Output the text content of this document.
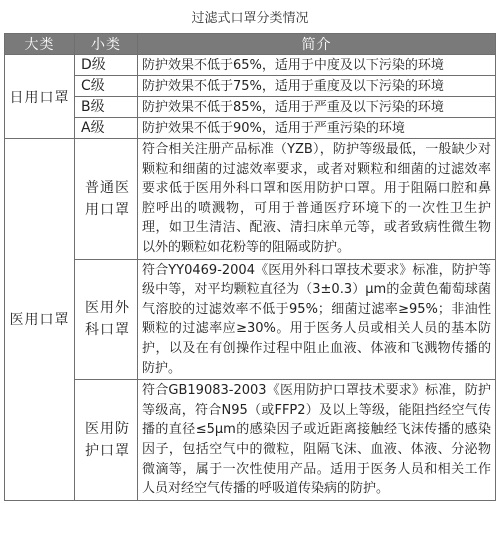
过滤式口罩分类情况
大类	小类	简介
日用口罩	D级	防护效果不低于65%，适用于中度及以下污染的环境
	C级	防护效果不低于75%，适用于重度及以下污染的环境
	B级	防护效果不低于85%，适用于严重及以下污染的环境
	A级	防护效果不低于90%，适用于严重污染的环境
医用口罩	普通医用口罩	符合相关注册产品标准（YZB），防护等级最低，一般缺少对颗粒和细菌的过滤效率要求，或者对颗粒和细菌的过滤效率要求低于医用外科口罩和医用防护口罩。用于阻隔口腔和鼻腔呼出的喷溅物，可用于普通医疗环境下的一次性卫生护理，如卫生清洁、配液、清扫床单元等，或者致病性微生物以外的颗粒如花粉等的阻隔或防护。
	医用外科口罩	符合YY0469-2004《医用外科口罩技术要求》标准，防护等级中等，对平均颗粒直径为（3±0.3）μm的金黄色葡萄球菌气溶胶的过滤效率不低于95%；细菌过滤率≥95%；非油性颗粒的过滤率应≥30%。用于医务人员或相关人员的基本防护，以及在有创操作过程中阻止血液、体液和飞溅物传播的防护。
	医用防护口罩	符合GB19083-2003《医用防护口罩技术要求》标准，防护等级高，符合N95（或FFP2）及以上等级，能阻挡经空气传播的直径≤5μm的感染因子或近距离接触经飞沫传播的感染因子，包括空气中的微粒，阻隔飞沫、血液、体液、分泌物微滴等，属于一次性使用产品。适用于医务人员和相关工作人员对经空气传播的呼吸道传染病的防护。
